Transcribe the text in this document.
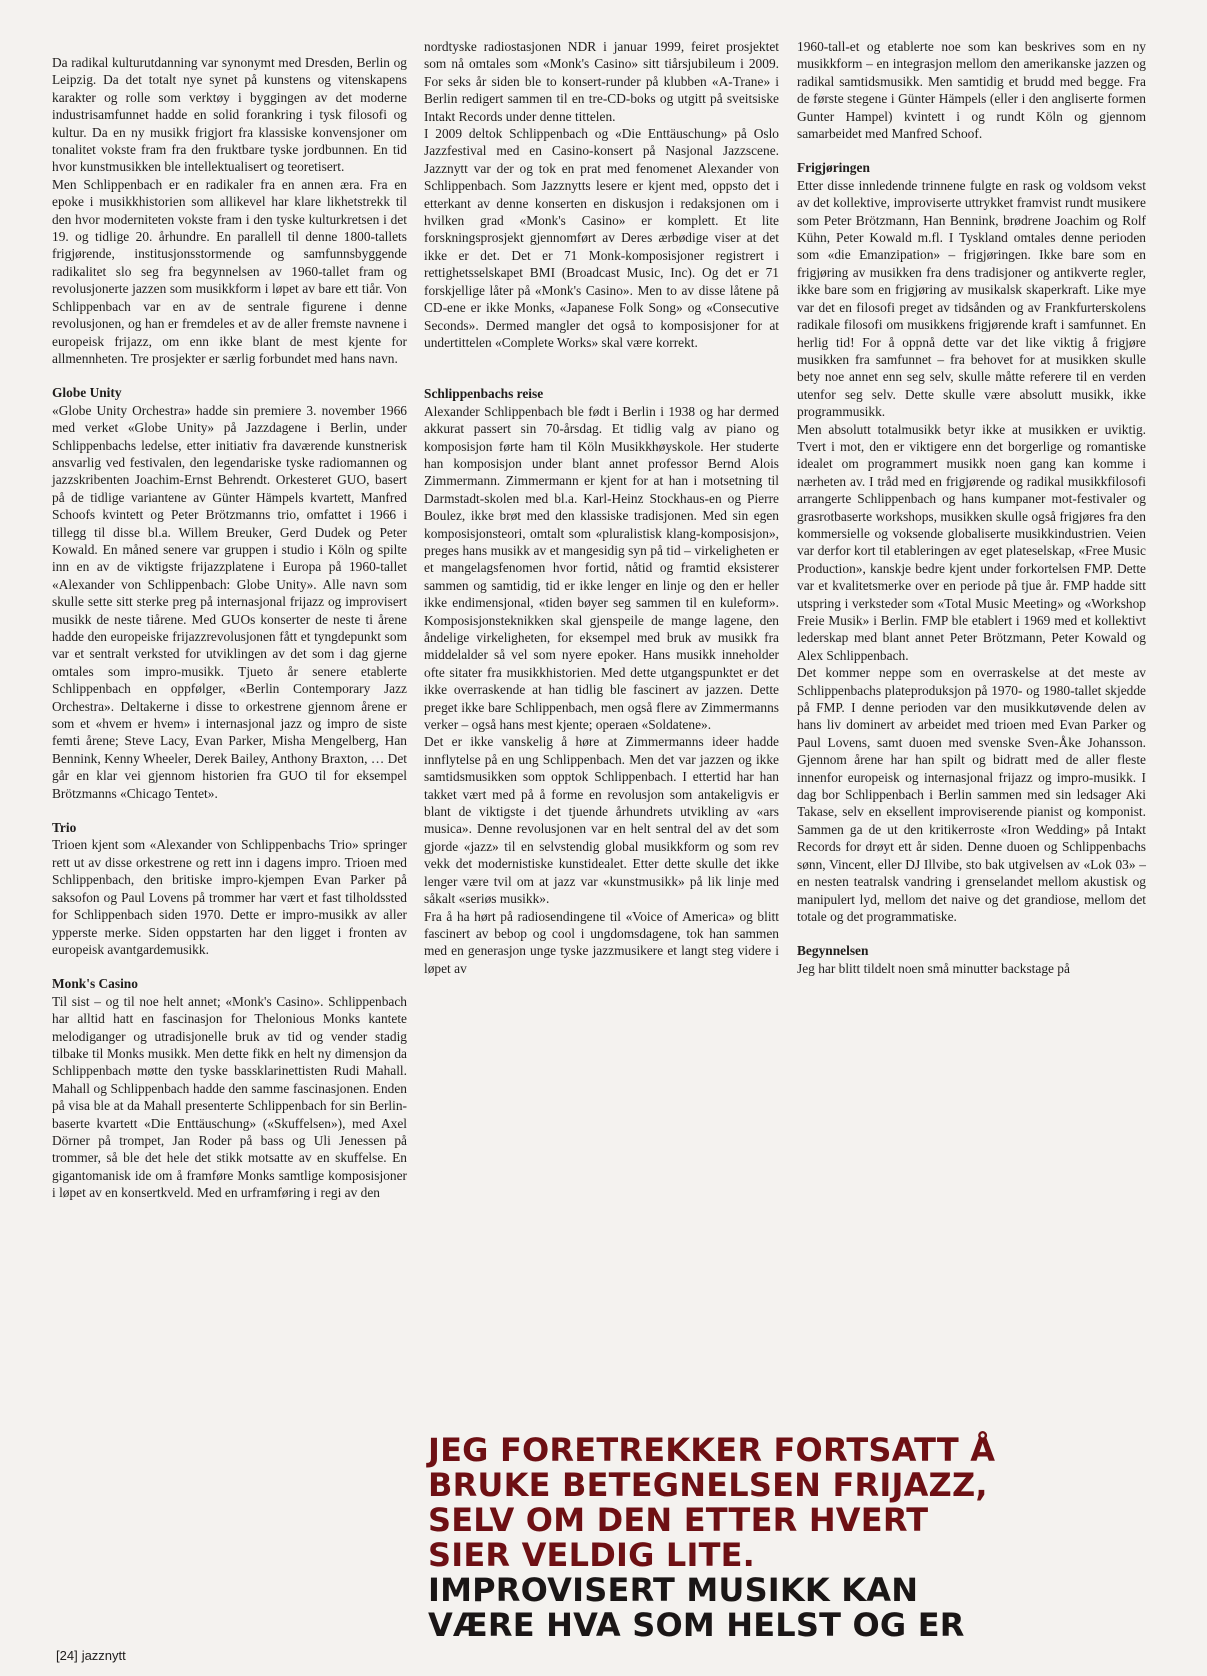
Da radikal kulturutdanning var synonymt med Dresden, Berlin og Leipzig. Da det totalt nye synet på kunstens og vitenskapens karakter og rolle som verktøy i byggingen av det moderne industrisamfunnet hadde en solid forankring i tysk filosofi og kultur. Da en ny musikk frigjort fra klassiske konvensjoner om tonalitet vokste fram fra den fruktbare tyske jordbunnen. En tid hvor kunstmusikken ble intellektualisert og teoretisert.

Men Schlippenbach er en radikaler fra en annen æra. Fra en epoke i musikkhistorien som allikevel har klare likhetstrekk til den hvor moderniteten vokste fram i den tyske kulturkretsen i det 19. og tidlige 20. århundre. En parallell til denne 1800-tallets frigjørende, institusjonsstormende og samfunnsbyggende radikalitet slo seg fra begynnelsen av 1960-tallet fram og revolusjonerte jazzen som musikkform i løpet av bare ett tiår. Von Schlippenbach var en av de sentrale figurene i denne revolusjonen, og han er fremdeles et av de aller fremste navnene i europeisk frijazz, om enn ikke blant de mest kjente for allmennheten. Tre prosjekter er særlig forbundet med hans navn.

Globe Unity

«Globe Unity Orchestra» hadde sin premiere 3. november 1966 med verket «Globe Unity» på Jazzdagene i Berlin, under Schlippenbachs ledelse, etter initiativ fra daværende kunstnerisk ansvarlig ved festivalen, den legendariske tyske radiomannen og jazzskribenten Joachim-Ernst Behrendt. Orkesteret GUO, basert på de tidlige variantene av Günter Hämpels kvartett, Manfred Schoofs kvintett og Peter Brötzmanns trio, omfattet i 1966 i tillegg til disse bl.a. Willem Breuker, Gerd Dudek og Peter Kowald. En måned senere var gruppen i studio i Köln og spilte inn en av de viktigste frijazzplatene i Europa på 1960-tallet «Alexander von Schlippenbach: Globe Unity». Alle navn som skulle sette sitt sterke preg på internasjonal frijazz og improvisert musikk de neste tiårene. Med GUOs konserter de neste ti årene hadde den europeiske frijazzrevolusjonen fått et tyngdepunkt som var et sentralt verksted for utviklingen av det som i dag gjerne omtales som impro-musikk. Tjueto år senere etablerte Schlippenbach en oppfølger, «Berlin Contemporary Jazz Orchestra». Deltakerne i disse to orkestrene gjennom årene er som et «hvem er hvem» i internasjonal jazz og impro de siste femti årene; Steve Lacy, Evan Parker, Misha Mengelberg, Han Bennink, Kenny Wheeler, Derek Bailey, Anthony Braxton, … Det går en klar vei gjennom historien fra GUO til for eksempel Brötzmanns «Chicago Tentet».

Trio

Trioen kjent som «Alexander von Schlippenbachs Trio» springer rett ut av disse orkestrene og rett inn i dagens impro. Trioen med Schlippenbach, den britiske impro-kjempen Evan Parker på saksofon og Paul Lovens på trommer har vært et fast tilholdssted for Schlippenbach siden 1970. Dette er impro-musikk av aller ypperste merke. Siden oppstarten har den ligget i fronten av europeisk avantgardemusikk.

Monk's Casino

Til sist – og til noe helt annet; «Monk's Casino». Schlippenbach har alltid hatt en fascinasjon for Thelonious Monks kantete melodiganger og utradisjonelle bruk av tid og vender stadig tilbake til Monks musikk. Men dette fikk en helt ny dimensjon da Schlippenbach møtte den tyske bassklarinettisten Rudi Mahall. Mahall og Schlippenbach hadde den samme fascinasjonen. Enden på visa ble at da Mahall presenterte Schlippenbach for sin Berlin-baserte kvartett «Die Enttäuschung» («Skuffelsen»), med Axel Dörner på trompet, Jan Roder på bass og Uli Jenessen på trommer, så ble det hele det stikk motsatte av en skuffelse. En gigantomanisk ide om å framføre Monks samtlige komposisjoner i løpet av en konsertkveld. Med en urframføring i regi av den

nordtyske radiostasjonen NDR i januar 1999, feiret prosjektet som nå omtales som «Monk's Casino» sitt tiårsjubileum i 2009. For seks år siden ble to konsert-runder på klubben «A-Trane» i Berlin redigert sammen til en tre-CD-boks og utgitt på sveitsiske Intakt Records under denne tittelen.

I 2009 deltok Schlippenbach og «Die Enttäuschung» på Oslo Jazzfestival med en Casino-konsert på Nasjonal Jazzscene. Jazznytt var der og tok en prat med fenomenet Alexander von Schlippenbach. Som Jazznytts lesere er kjent med, oppsto det i etterkant av denne konserten en diskusjon i redaksjonen om i hvilken grad «Monk's Casino» er komplett. Et lite forskningsprosjekt gjennomført av Deres ærbødige viser at det ikke er det. Det er 71 Monk-komposisjoner registrert i rettighetsselskapet BMI (Broadcast Music, Inc). Og det er 71 forskjellige låter på «Monk's Casino». Men to av disse låtene på CD-ene er ikke Monks, «Japanese Folk Song» og «Consecutive Seconds». Dermed mangler det også to komposisjoner for at undertittelen «Complete Works» skal være korrekt.

Schlippenbachs reise

Alexander Schlippenbach ble født i Berlin i 1938 og har dermed akkurat passert sin 70-årsdag. Et tidlig valg av piano og komposisjon førte ham til Köln Musikkhøyskole. Her studerte han komposisjon under blant annet professor Bernd Alois Zimmermann. Zimmermann er kjent for at han i motsetning til Darmstadt-skolen med bl.a. Karl-Heinz Stockhaus-en og Pierre Boulez, ikke brøt med den klassiske tradisjonen. Med sin egen komposisjonsteori, omtalt som «pluralistisk klang-komposisjon», preges hans musikk av et mangesidig syn på tid – virkeligheten er et mangelagsfenomen hvor fortid, nåtid og framtid eksisterer sammen og samtidig, tid er ikke lenger en linje og den er heller ikke endimensjonal, «tiden bøyer seg sammen til en kuleform». Komposisjonsteknikken skal gjenspeile de mange lagene, den åndelige virkeligheten, for eksempel med bruk av musikk fra middelalder så vel som nyere epoker. Hans musikk inneholder ofte sitater fra musikkhistorien. Med dette utgangspunktet er det ikke overraskende at han tidlig ble fascinert av jazzen. Dette preget ikke bare Schlippenbach, men også flere av Zimmermanns verker – også hans mest kjente; operaen «Soldatene».

Det er ikke vanskelig å høre at Zimmermanns ideer hadde innflytelse på en ung Schlippenbach. Men det var jazzen og ikke samtidsmusikken som opptok Schlippenbach. I ettertid har han takket vært med på å forme en revolusjon som antakeligvis er blant de viktigste i det tjuende århundrets utvikling av «ars musica». Denne revolusjonen var en helt sentral del av det som gjorde «jazz» til en selvstendig global musikkform og som rev vekk det modernistiske kunstidealet. Etter dette skulle det ikke lenger være tvil om at jazz var «kunstmusikk» på lik linje med såkalt «seriøs musikk».

Fra å ha hørt på radiosendingene til «Voice of America» og blitt fascinert av bebop og cool i ungdomsdagene, tok han sammen med en generasjon unge tyske jazzmusikere et langt steg videre i løpet av

1960-tall-et og etablerte noe som kan beskrives som en ny musikkform – en integrasjon mellom den amerikanske jazzen og radikal samtidsmusikk. Men samtidig et brudd med begge. Fra de første stegene i Günter Hämpels (eller i den angliserte formen Gunter Hampel) kvintett i og rundt Köln og gjennom samarbeidet med Manfred Schoof.

Frigjøringen

Etter disse innledende trinnene fulgte en rask og voldsom vekst av det kollektive, improviserte uttrykket framvist rundt musikere som Peter Brötzmann, Han Bennink, brødrene Joachim og Rolf Kühn, Peter Kowald m.fl. I Tyskland omtales denne perioden som «die Emanzipation» – frigjøringen. Ikke bare som en frigjøring av musikken fra dens tradisjoner og antikverte regler, ikke bare som en frigjøring av musikalsk skaperkraft. Like mye var det en filosofi preget av tidsånden og av Frankfurterskolens radikale filosofi om musikkens frigjørende kraft i samfunnet. En herlig tid! For å oppnå dette var det like viktig å frigjøre musikken fra samfunnet – fra behovet for at musikken skulle bety noe annet enn seg selv, skulle måtte referere til en verden utenfor seg selv. Dette skulle være absolutt musikk, ikke programmusikk.

Men absolutt totalmusikk betyr ikke at musikken er uviktig. Tvert i mot, den er viktigere enn det borgerlige og romantiske idealet om programmert musikk noen gang kan komme i nærheten av. I tråd med en frigjørende og radikal musikkfilosofi arrangerte Schlippenbach og hans kumpaner mot-festivaler og grasrotbaserte workshops, musikken skulle også frigjøres fra den kommersielle og voksende globaliserte musikkindustrien. Veien var derfor kort til etableringen av eget plateselskap, «Free Music Production», kanskje bedre kjent under forkortelsen FMP. Dette var et kvalitetsmerke over en periode på tjue år. FMP hadde sitt utspring i verksteder som «Total Music Meeting» og «Workshop Freie Musik» i Berlin. FMP ble etablert i 1969 med et kollektivt lederskap med blant annet Peter Brötzmann, Peter Kowald og Alex Schlippenbach.

Det kommer neppe som en overraskelse at det meste av Schlippenbachs plateproduksjon på 1970- og 1980-tallet skjedde på FMP. I denne perioden var den musikkutøvende delen av hans liv dominert av arbeidet med trioen med Evan Parker og Paul Lovens, samt duoen med svenske Sven-Åke Johansson. Gjennom årene har han spilt og bidratt med de aller fleste innenfor europeisk og internasjonal frijazz og impro-musikk. I dag bor Schlippenbach i Berlin sammen med sin ledsager Aki Takase, selv en eksellent improviserende pianist og komponist. Sammen ga de ut den kritikerroste «Iron Wedding» på Intakt Records for drøyt ett år siden. Denne duoen og Schlippenbachs sønn, Vincent, eller DJ Illvibe, sto bak utgivelsen av «Lok 03» – en nesten teatralsk vandring i grenselandet mellom akustisk og manipulert lyd, mellom det naive og det grandiose, mellom det totale og det programmatiske.

Begynnelsen

Jeg har blitt tildelt noen små minutter backstage på

JEG FORETREKKER FORTSATT Å
BRUKE BETEGNELSEN FRIJAZZ,
SELV OM DEN ETTER HVERT
SIER VELDIG LITE.
IMPROVISERT MUSIKK KAN
VÆRE HVA SOM HELST OG ER
[24] jazznytt
